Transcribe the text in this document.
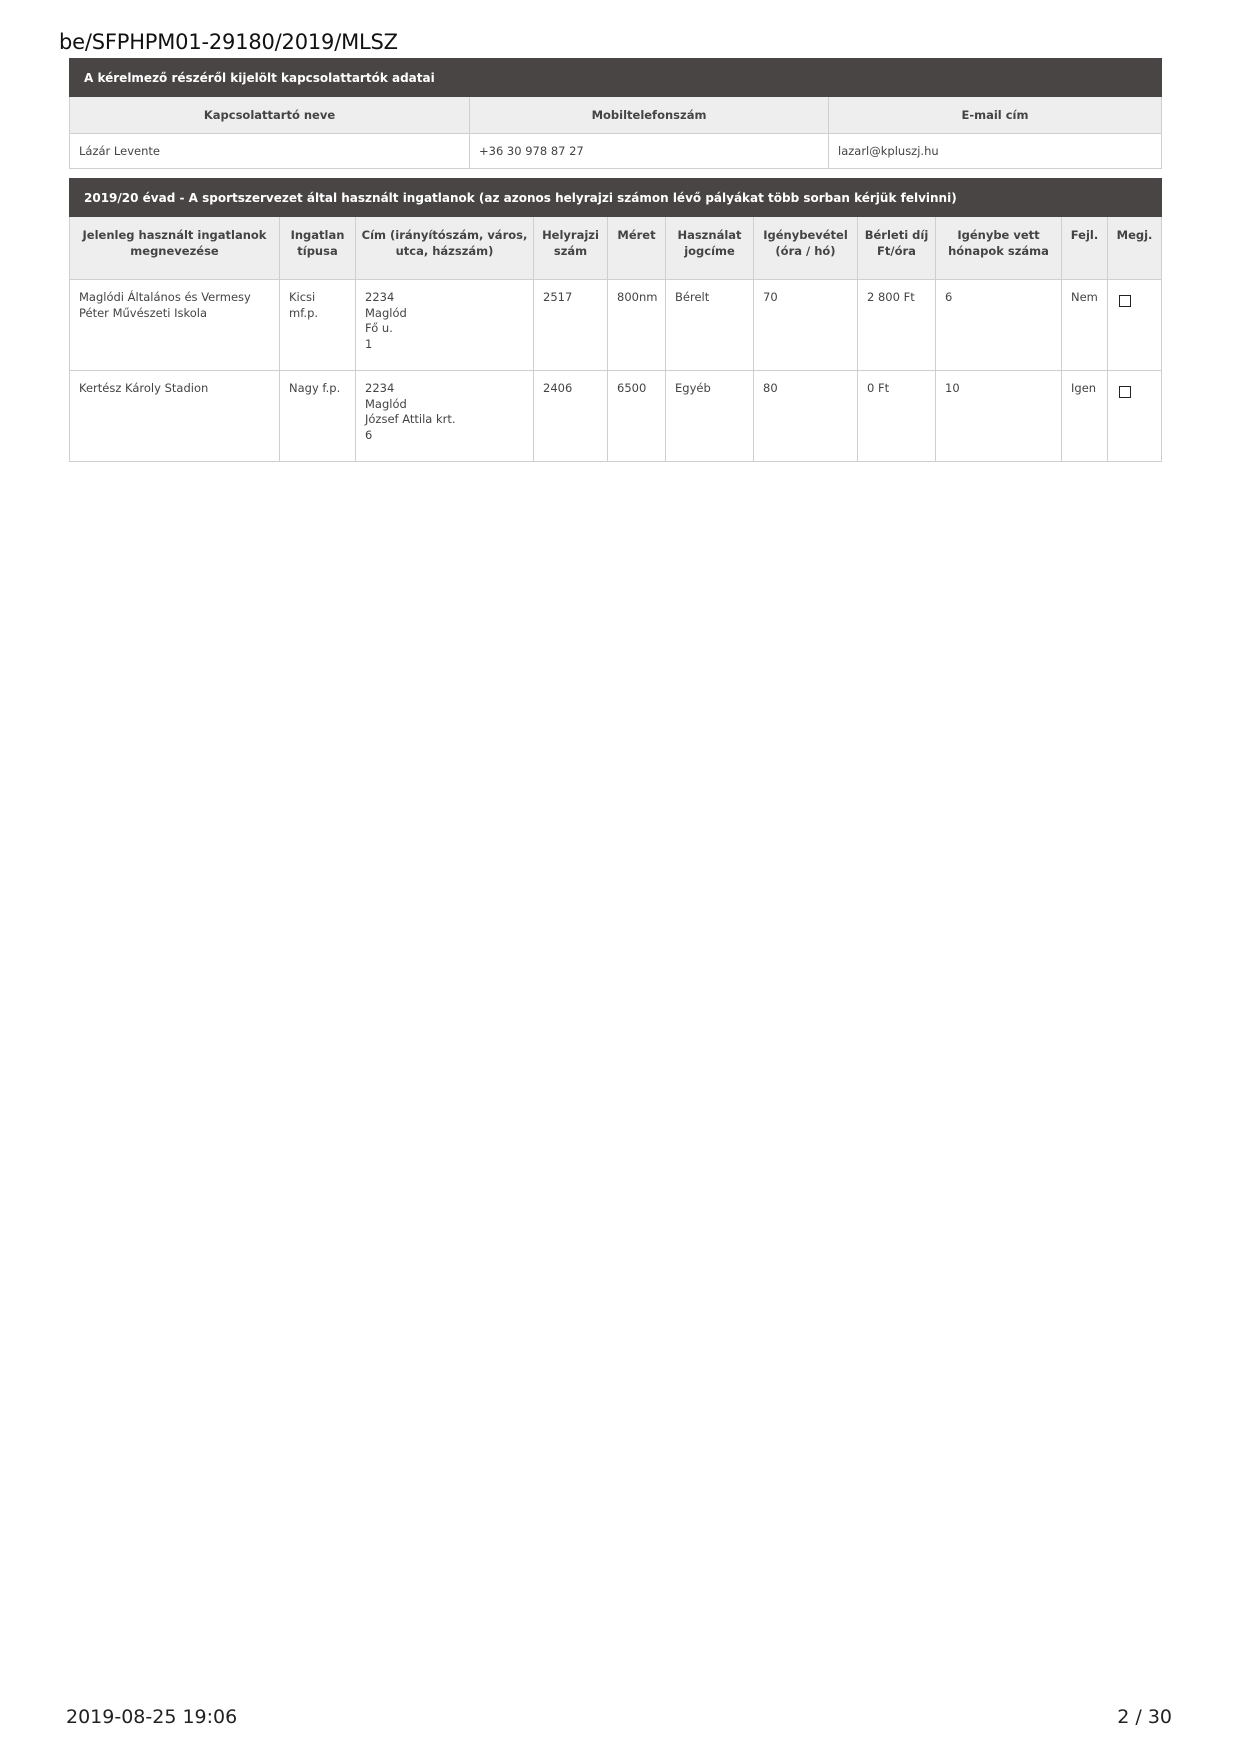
be/SFPHPM01-29180/2019/MLSZ
A kérelmező részéről kijelölt kapcsolattartók adatai		
Kapcsolattartó neve	Mobiltelefonszám	E-mail cím
Lázár Levente	+36 30 978 87 27	lazarl@kpluszj.hu
2019/20 évad - A sportszervezet által használt ingatlanok (az azonos helyrajzi számon lévő pályákat több sorban kérjük felvinni)										
Jelenleg használt ingatlanok megnevezése	Ingatlan típusa	Cím (irányítószám, város, utca, házszám)	Helyrajzi szám	Méret	Használat jogcíme	Igénybevétel (óra / hó)	Bérleti díj Ft/óra	Igénybe vett hónapok száma	Fejl.	Megj.
Maglódi Általános és Vermesy Péter Művészeti Iskola	Kicsi mf.p.	2234
Maglód
Fő u.
1	2517	800nm	Bérelt	70	2 800 Ft	6	Nem	
Kertész Károly Stadion	Nagy f.p.	2234
Maglód
József Attila krt.
6	2406	6500	Egyéb	80	0 Ft	10	Igen	
2019-08-25 19:06	2 / 30
